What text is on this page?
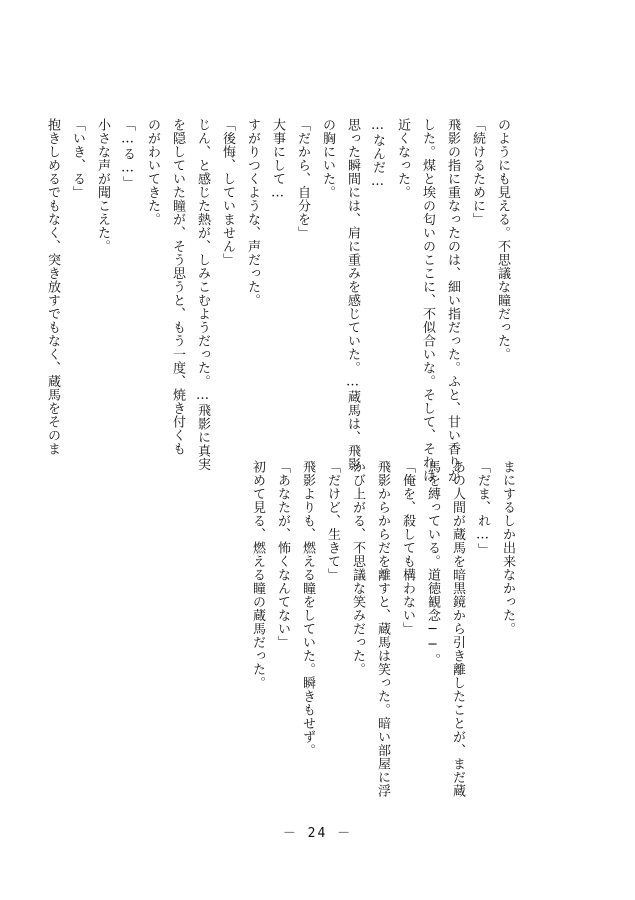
のようにも見える。不思議な瞳だった。
「続けるために」
飛影の指に重なったのは、細い指だった。ふと、甘い香りが
した。煤と埃の匂いのここに、不似合いな。そして、それは
近くなった。
…なんだ…
思った瞬間には、肩に重みを感じていた。…蔵馬は、飛影
の胸にいた。
「だから、自分を」
大事にして…
すがりつくような、声だった。
「後悔、していません」
じん、と感じた熱が、しみこむようだった。…飛影に真実
を隠していた瞳が、そう思うと、もう一度、焼き付くも
のがわいてきた。
「…る…」
小さな声が聞こえた。
「いき、る」
抱きしめるでもなく、突き放すでもなく、蔵馬をそのま
まにするしか出来なかった。
「だま、れ…」
あの人間が蔵馬を暗黒鏡から引き離したことが、まだ蔵
馬を縛っている。道徳観念──。
「俺を、殺しても構わない」
飛影からからだを離すと、蔵馬は笑った。暗い部屋に浮
かび上がる、不思議な笑みだった。
「だけど、生きて」
飛影よりも、燃える瞳をしていた。瞬きもせず。
「あなたが、怖くなんてない」
初めて見る、燃える瞳の蔵馬だった。
－ 24 －
